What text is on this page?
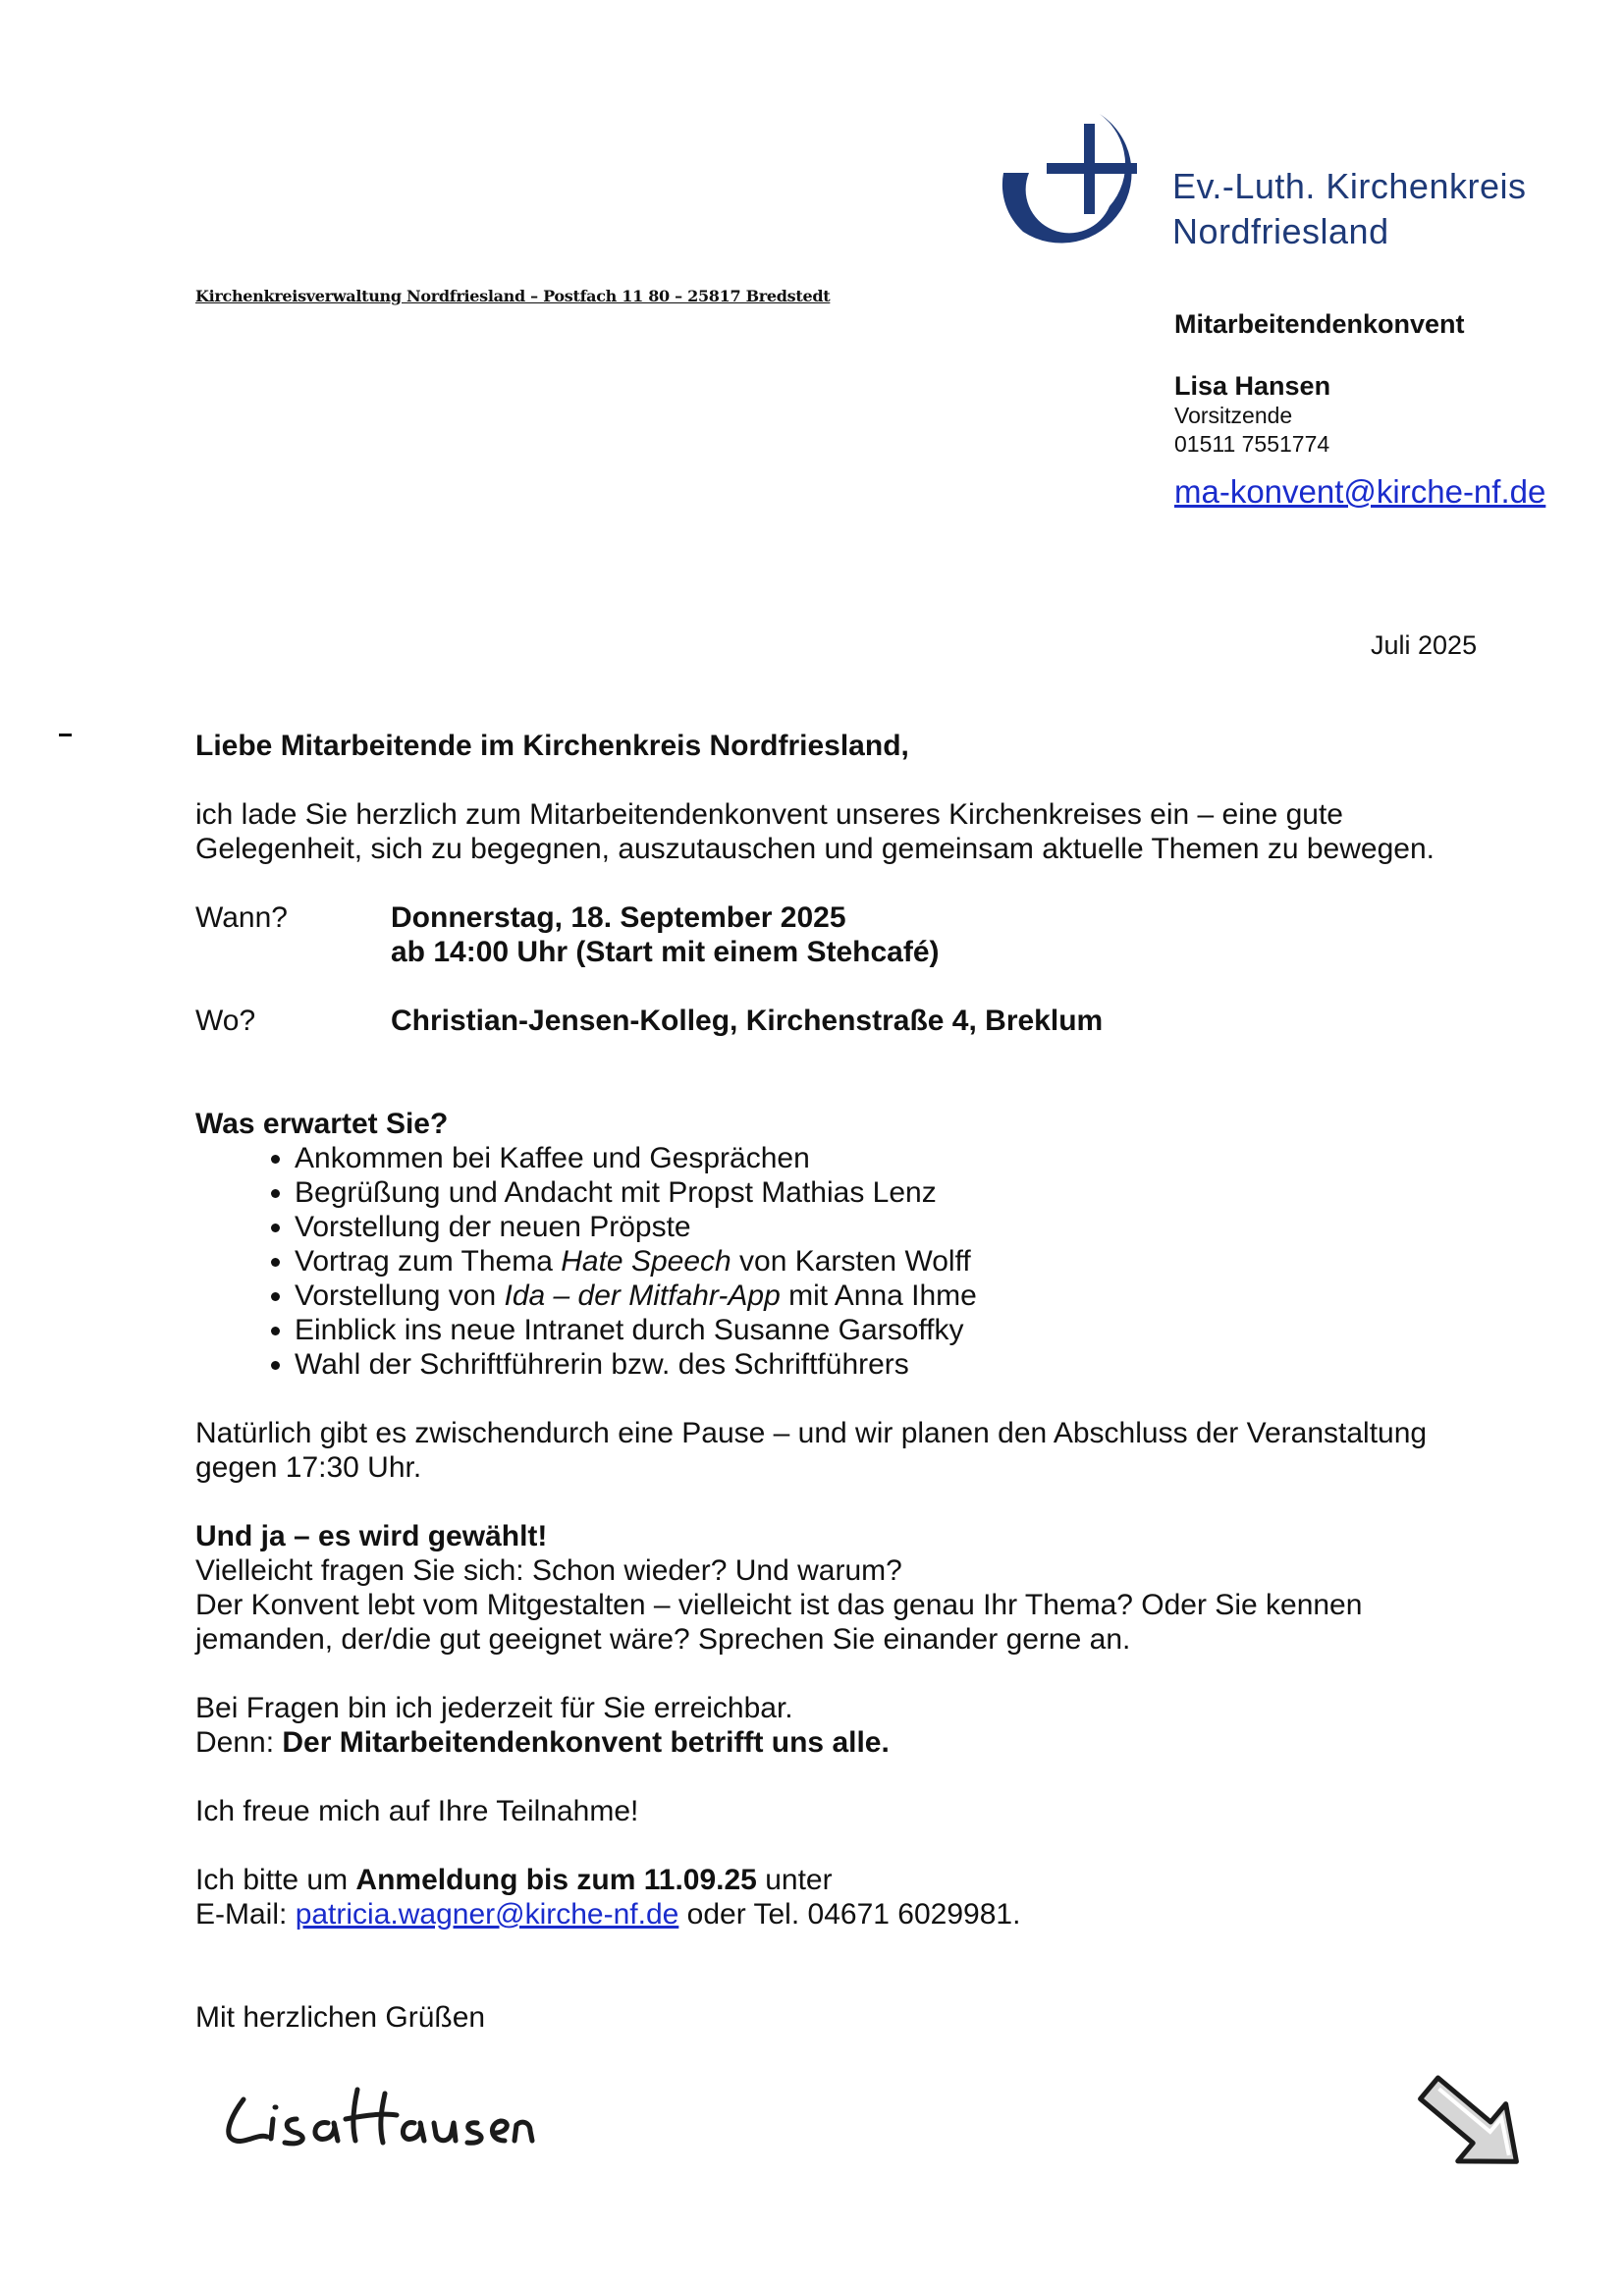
Ev.-Luth. Kirchenkreis
Nordfriesland
Kirchenkreisverwaltung Nordfriesland – Postfach 11 80 – 25817 Bredstedt
Mitarbeitendenkonvent
Lisa Hansen
Vorsitzende
01511 7551774
ma-konvent@kirche-nf.de
Juli 2025

Liebe Mitarbeitende im Kirchenkreis Nordfriesland,

ich lade Sie herzlich zum Mitarbeitendenkonvent unseres Kirchenkreises ein – eine gute Gelegenheit, sich zu begegnen, auszutauschen und gemeinsam aktuelle Themen zu bewegen.

Wann?	Donnerstag, 18. September 2025
ab 14:00 Uhr (Start mit einem Stehcafé)
Wo?	Christian-Jensen-Kolleg, Kirchenstraße 4, Breklum

Was erwartet Sie?

• Ankommen bei Kaffee und Gesprächen
• Begrüßung und Andacht mit Propst Mathias Lenz
• Vorstellung der neuen Pröpste
• Vortrag zum Thema Hate Speech von Karsten Wolff
• Vorstellung von Ida – der Mitfahr-App mit Anna Ihme
• Einblick ins neue Intranet durch Susanne Garsoffky
• Wahl der Schriftführerin bzw. des Schriftführers

Natürlich gibt es zwischendurch eine Pause – und wir planen den Abschluss der Veranstaltung gegen 17:30 Uhr.

Und ja – es wird gewählt!

Vielleicht fragen Sie sich: Schon wieder? Und warum?

Der Konvent lebt vom Mitgestalten – vielleicht ist das genau Ihr Thema? Oder Sie kennen jemanden, der/die gut geeignet wäre? Sprechen Sie einander gerne an.

Bei Fragen bin ich jederzeit für Sie erreichbar.

Denn: Der Mitarbeitendenkonvent betrifft uns alle.

Ich freue mich auf Ihre Teilnahme!

Ich bitte um Anmeldung bis zum 11.09.25 unter

E-Mail: patricia.wagner@kirche-nf.de oder Tel. 04671 6029981.

Mit herzlichen Grüßen
